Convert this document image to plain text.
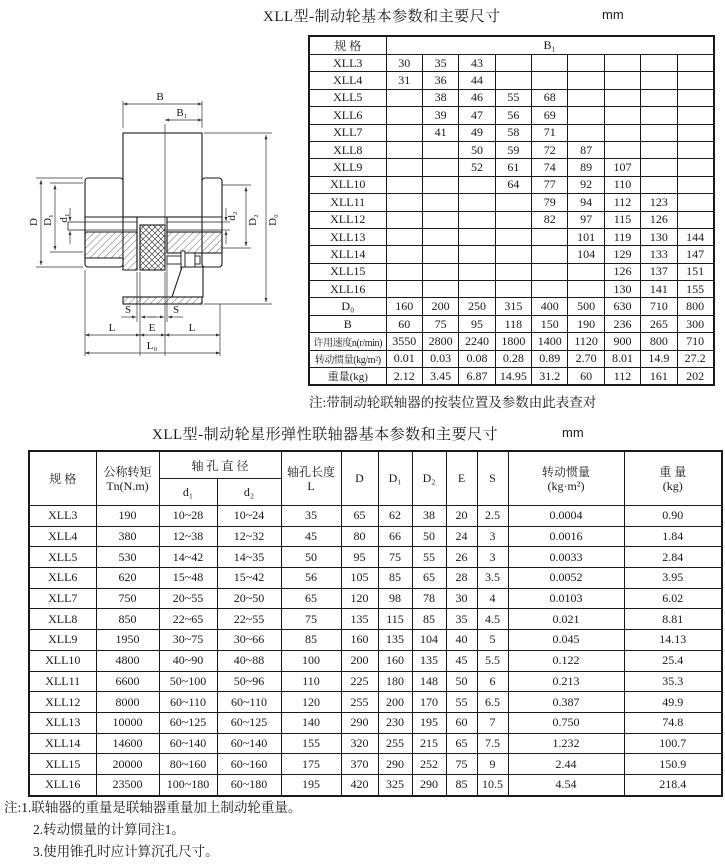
XLL型-制动轮基本参数和主要尺寸	mm
B
B₁
D D₁ d₁	d₂ D₂ D₀
S	S
L	E	L
L₀
规 格	B₁								
XLL3	30	35	43						
XLL4	31	36	44						
XLL5		38	46	55	68				
XLL6		39	47	56	69				
XLL7		41	49	58	71				
XLL8			50	59	72	87			
XLL9			52	61	74	89	107		
XLL10				64	77	92	110		
XLL11					79	94	112	123	
XLL12					82	97	115	126	
XLL13						101	119	130	144
XLL14						104	129	133	147
XLL15							126	137	151
XLL16							130	141	155
D₀	160	200	250	315	400	500	630	710	800
B	60	75	95	118	150	190	236	265	300
许用速度n(r/min)	3550	2800	2240	1800	1400	1120	900	800	710
转动惯量(kg/m²)	0.01	0.03	0.08	0.28	0.89	2.70	8.01	14.9	27.2
重量(kg)	2.12	3.45	6.87	14.95	31.2	60	112	161	202
注:带制动轮联轴器的按装位置及参数由此表查对
XLL型-制动轮星形弹性联轴器基本参数和主要尺寸	mm
规 格	
公称转矩
Tn(N.m)
	轴 孔 直 径	轴孔长度
L
	D	D₁	D₂	E	S	转动惯量
(kg·m²)

重 量
(kg)

		d₁	d₂								
XLL3	190	10~28	10~24	35	65	62	38	20	2.5	0.0004	0.90
XLL4	380	12~38	12~32	45	80	66	50	24	3	0.0016	1.84
XLL5	530	14~42	14~35	50	95	75	55	26	3	0.0033	2.84
XLL6	620	15~48	15~42	56	105	85	65	28	3.5	0.0052	3.95
XLL7	750	20~55	20~50	65	120	98	78	30	4	0.0103	6.02
XLL8	850	22~65	22~55	75	135	115	85	35	4.5	0.021	8.81
XLL9	1950	30~75	30~66	85	160	135	104	40	5	0.045	14.13
XLL10	4800	40~90	40~88	100	200	160	135	45	5.5	0.122	25.4
XLL11	6600	50~100	50~96	110	225	180	148	50	6	0.213	35.3
XLL12	8000	60~110	60~110	120	255	200	170	55	6.5	0.387	49.9
XLL13	10000	60~125	60~125	140	290	230	195	60	7	0.750	74.8
XLL14	14600	60~140	60~140	155	320	255	215	65	7.5	1.232	100.7
XLL15	20000	80~160	60~160	175	370	290	252	75	9	2.44	150.9
XLL16	23500	100~180	60~180	195	420	325	290	85	10.5	4.54	218.4
注:1.联轴器的重量是联轴器重量加上制动轮重量。
2.转动惯量的计算同注1。
3.使用锥孔时应计算沉孔尺寸。
